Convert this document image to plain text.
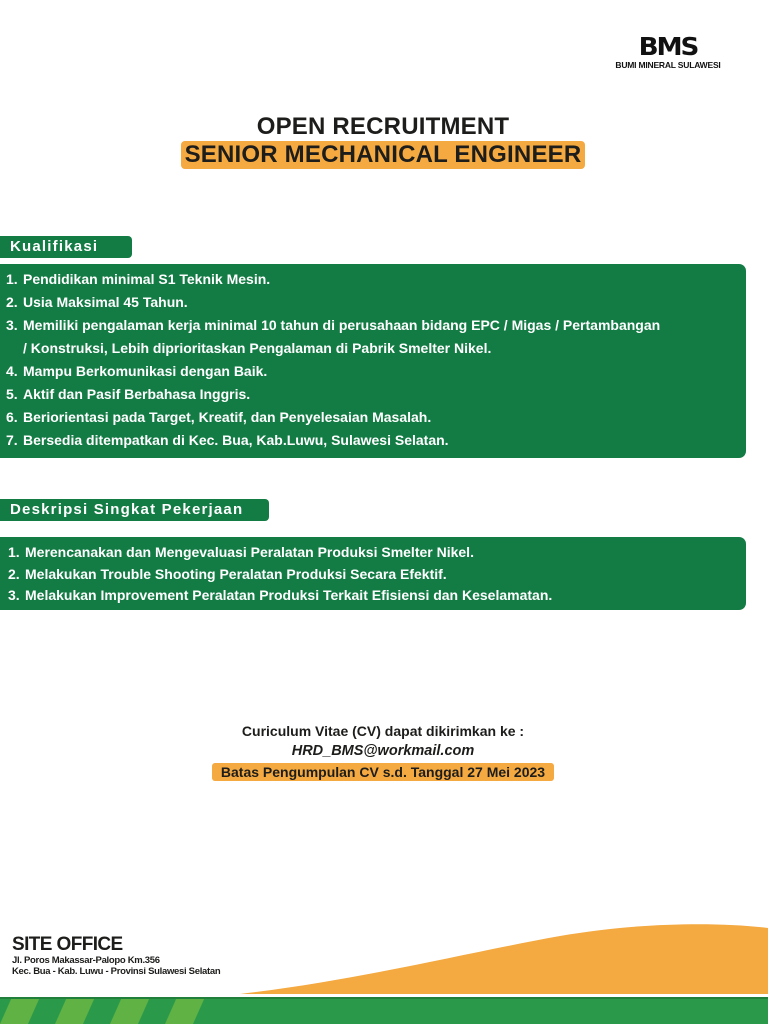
BMS
BUMI MINERAL SULAWESI
OPEN RECRUITMENT
SENIOR MECHANICAL ENGINEER
Kualifikasi
1. Pendidikan minimal S1 Teknik Mesin.
2. Usia Maksimal 45 Tahun.
3. Memiliki pengalaman kerja minimal 10 tahun di perusahaan bidang EPC / Migas / Pertambangan
/ Konstruksi, Lebih diprioritaskan Pengalaman di Pabrik Smelter Nikel.
4. Mampu Berkomunikasi dengan Baik.
5. Aktif dan Pasif Berbahasa Inggris.
6. Beriorientasi pada Target, Kreatif, dan Penyelesaian Masalah.
7. Bersedia ditempatkan di Kec. Bua, Kab.Luwu, Sulawesi Selatan.
Deskripsi Singkat Pekerjaan
1. Merencanakan dan Mengevaluasi Peralatan Produksi Smelter Nikel.
2. Melakukan Trouble Shooting Peralatan Produksi Secara Efektif.
3. Melakukan Improvement Peralatan Produksi Terkait Efisiensi dan Keselamatan.
Curiculum Vitae (CV) dapat dikirimkan ke :
HRD_BMS@workmail.com
Batas Pengumpulan CV s.d. Tanggal 27 Mei 2023
SITE OFFICE
Jl. Poros Makassar-Palopo Km.356
Kec. Bua - Kab. Luwu - Provinsi Sulawesi Selatan
